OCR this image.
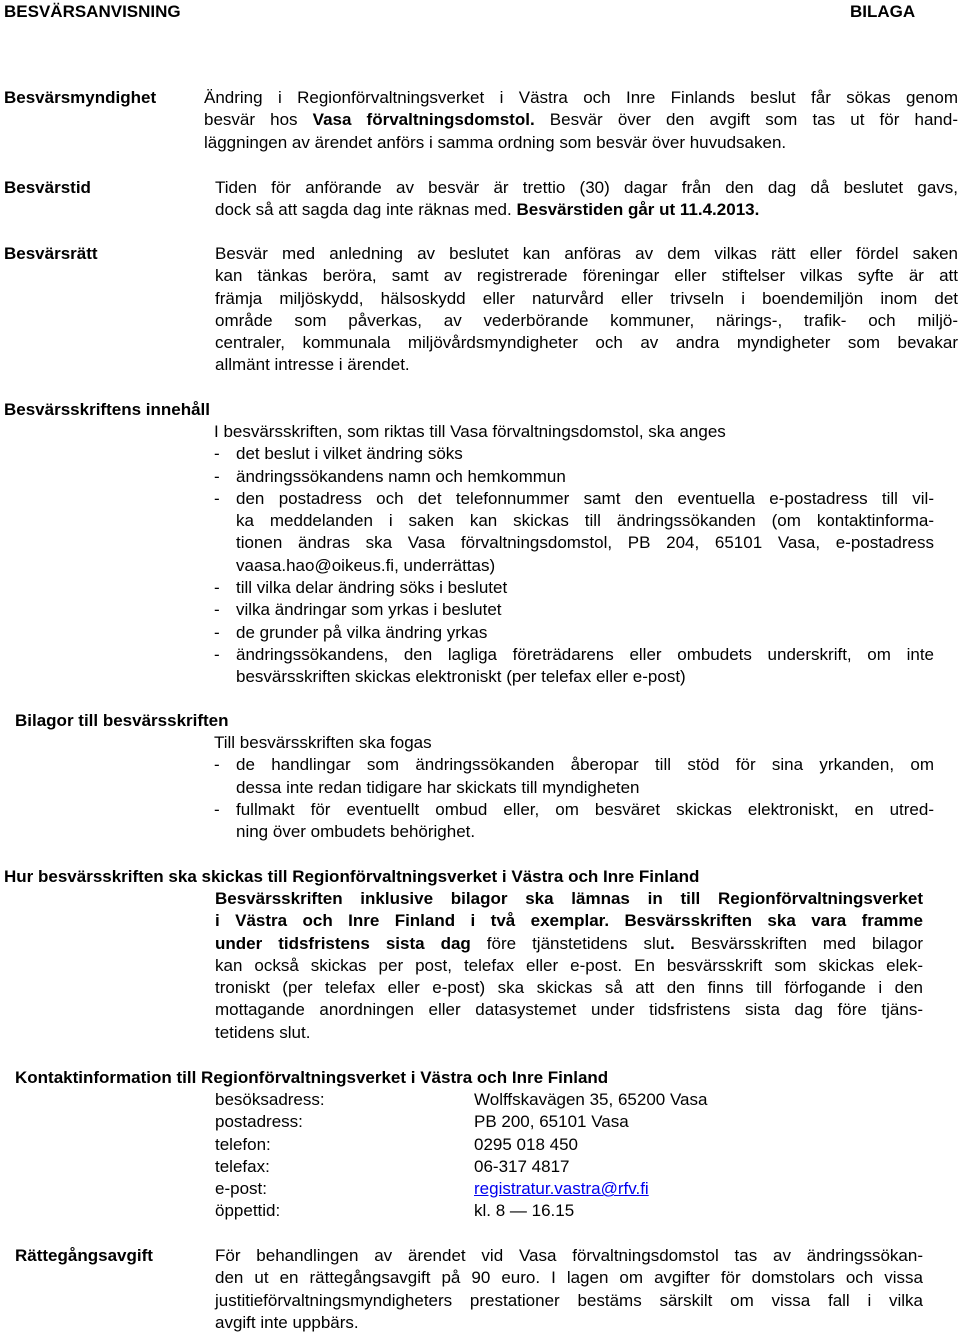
BESVÄRSANVISNING	BILAGA
Besvärsmyndighet	Ändring i Regionförvaltningsverket i Västra och Inre Finlands beslut får sökas genom
besvär hos Vasa förvaltningsdomstol. Besvär över den avgift som tas ut för hand-
läggningen av ärendet anförs i samma ordning som besvär över huvudsaken.
Besvärstid	Tiden för anförande av besvär är trettio (30) dagar från den dag då beslutet gavs,
dock så att sagda dag inte räknas med. Besvärstiden går ut 11.4.2013.
Besvärsrätt	Besvär med anledning av beslutet kan anföras av dem vilkas rätt eller fördel saken
kan tänkas beröra, samt av registrerade föreningar eller stiftelser vilkas syfte är att
främja miljöskydd, hälsoskydd eller naturvård eller trivseln i boendemiljön inom det
område som påverkas, av vederbörande kommuner, närings-, trafik- och miljö-
centraler, kommunala miljövårdsmyndigheter och av andra myndigheter som bevakar
allmänt intresse i ärendet.
Besvärsskriftens innehåll
I besvärsskriften, som riktas till Vasa förvaltningsdomstol, ska anges
- det beslut i vilket ändring söks
- ändringssökandens namn och hemkommun
- den postadress och det telefonnummer samt den eventuella e-postadress till vil-
ka meddelanden i saken kan skickas till ändringssökanden (om kontaktinforma-
tionen ändras ska Vasa förvaltningsdomstol, PB 204, 65101 Vasa, e-postadress
vaasa.hao@oikeus.fi, underrättas)
- till vilka delar ändring söks i beslutet
- vilka ändringar som yrkas i beslutet
- de grunder på vilka ändring yrkas
- ändringssökandens, den lagliga företrädarens eller ombudets underskrift, om inte
besvärsskriften skickas elektroniskt (per telefax eller e-post)
Bilagor till besvärsskriften
Till besvärsskriften ska fogas
- de handlingar som ändringssökanden åberopar till stöd för sina yrkanden, om
dessa inte redan tidigare har skickats till myndigheten
- fullmakt för eventuellt ombud eller, om besväret skickas elektroniskt, en utred-
ning över ombudets behörighet.
Hur besvärsskriften ska skickas till Regionförvaltningsverket i Västra och Inre Finland
Besvärsskriften inklusive bilagor ska lämnas in till Regionförvaltningsverket
i Västra och Inre Finland i två exemplar. Besvärsskriften ska vara framme
under tidsfristens sista dag före tjänstetidens slut. Besvärsskriften med bilagor
kan också skickas per post, telefax eller e-post. En besvärsskrift som skickas elek-
troniskt (per telefax eller e-post) ska skickas så att den finns till förfogande i den
mottagande anordningen eller datasystemet under tidsfristens sista dag före tjäns-
tetidens slut.
Kontaktinformation till Regionförvaltningsverket i Västra och Inre Finland
besöksadress:	Wolffskavägen 35, 65200 Vasa
postadress:	PB 200, 65101 Vasa
telefon:	0295 018 450
telefax:	06-317 4817
e-post:	registratur.vastra@rfv.fi
öppettid:	kl. 8 — 16.15
Rättegångsavgift	För behandlingen av ärendet vid Vasa förvaltningsdomstol tas av ändringssökan-
den ut en rättegångsavgift på 90 euro. I lagen om avgifter för domstolars och vissa
justitieförvaltningsmyndigheters prestationer bestäms särskilt om vissa fall i vilka
avgift inte uppbärs.
